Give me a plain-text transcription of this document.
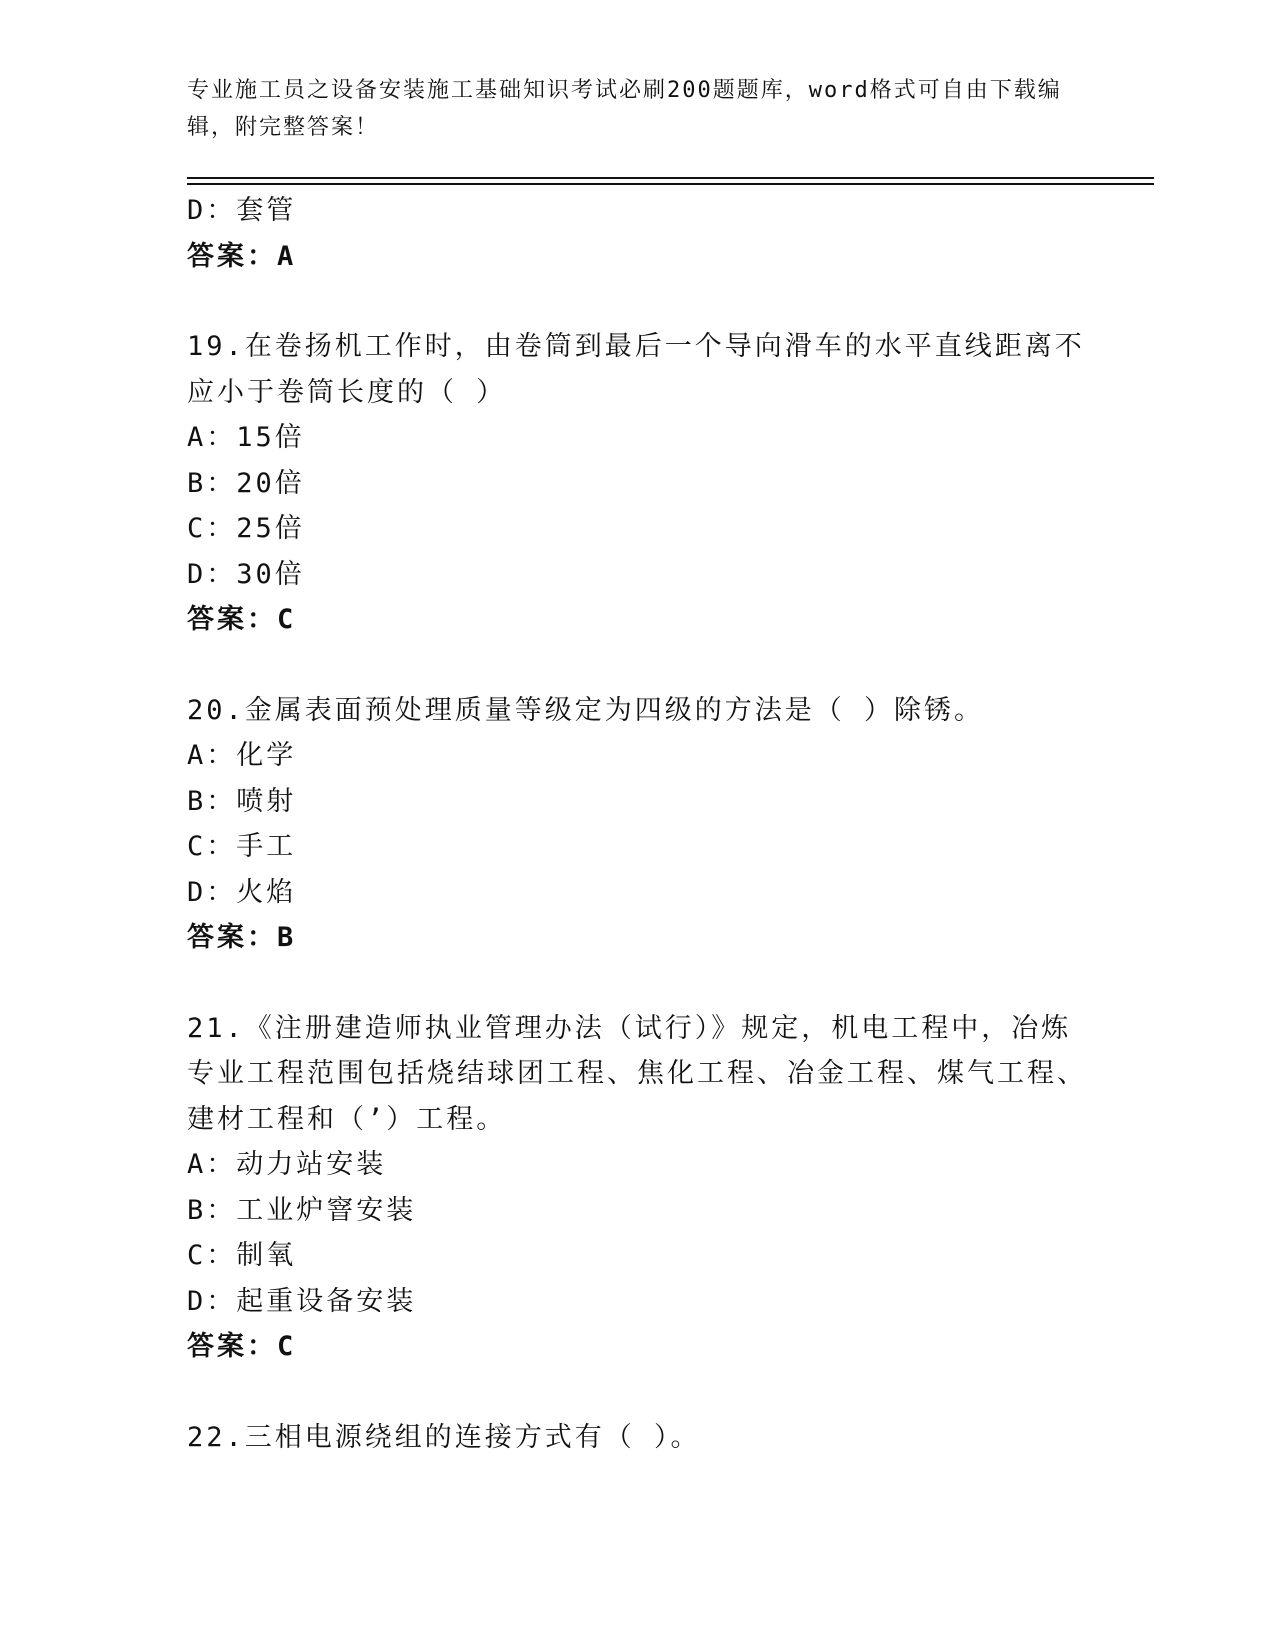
专业施工员之设备安装施工基础知识考试必刷200题题库，word格式可自由下载编辑，附完整答案！
D：套管
答案：A
19.在卷扬机工作时，由卷筒到最后一个导向滑车的水平直线距离不应小于卷筒长度的（ ）
A：15倍
B：20倍
C：25倍
D：30倍
答案：C
20.金属表面预处理质量等级定为四级的方法是（ ）除锈。
A：化学
B：喷射
C：手工
D：火焰
答案：B
21.《注册建造师执业管理办法（试行）》规定，机电工程中，冶炼专业工程范围包括烧结球团工程、焦化工程、冶金工程、煤气工程、建材工程和（’）工程。
A：动力站安装
B：工业炉窨安装
C：制氧
D：起重设备安装
答案：C
22.三相电源绕组的连接方式有（ ）。
